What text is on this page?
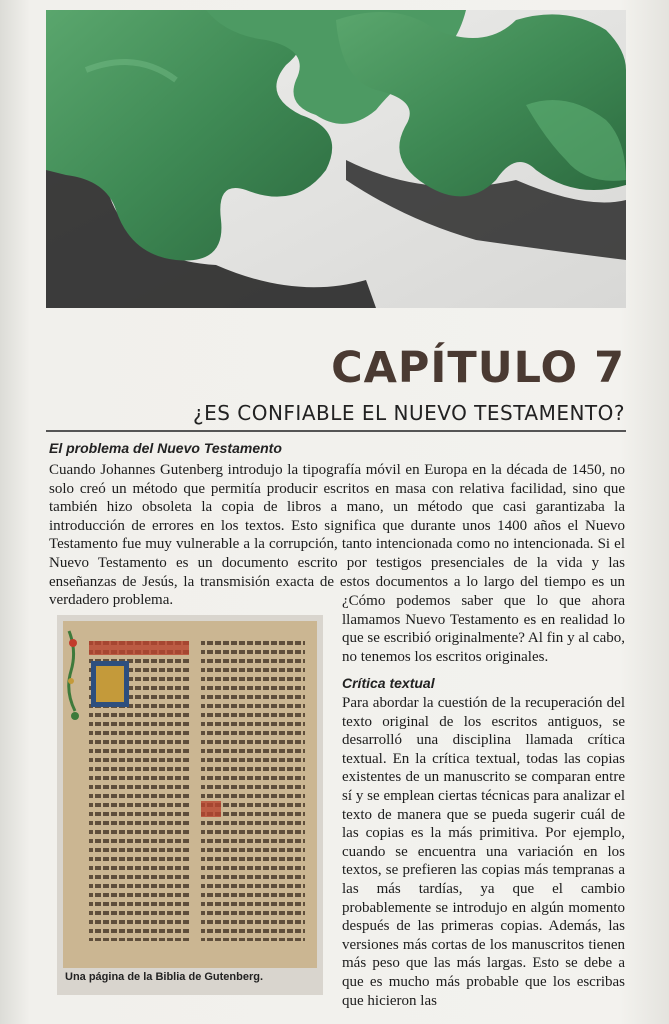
CAPÍTULO 7
¿ES CONFIABLE EL NUEVO TESTAMENTO?
El problema del Nuevo Testamento
Cuando Johannes Gutenberg introdujo la tipografía móvil en Europa en la década de 1450, no solo creó un método que permitía producir escritos en masa con relativa facilidad, sino que también hizo obsoleta la copia de libros a mano, un método que casi garantizaba la introducción de errores en los textos. Esto significa que durante unos 1400 años el Nuevo Testamento fue muy vulnerable a la corrupción, tanto intencionada como no intencionada. Si el Nuevo Testamento es un documento escrito por testigos presenciales de la vida y las enseñanzas de Jesús, la transmisión exacta de estos documentos a lo largo del tiempo es un verdadero problema.	¿Cómo podemos saber que lo que ahora llamamos Nuevo Testamento es en realidad lo que se escribió originalmente? Al fin y al cabo, no tenemos los escritos originales.
Crítica textual
Para abordar la cuestión de la recuperación del texto original de los escritos antiguos, se desarrolló una disciplina llamada crítica textual. En la crítica textual, todas las copias existentes de un manuscrito se comparan entre sí y se emplean ciertas técnicas para analizar el texto de manera que se pueda sugerir cuál de las copias es la más primitiva. Por ejemplo, cuando se encuentra una variación en los textos, se prefieren las copias más tempranas a las más tardías, ya que el cambio probablemente se introdujo en algún momento después de las primeras copias. Además, las versiones más cortas de los manuscritos tienen más peso que las más largas. Esto se debe a que es mucho más probable que los escribas que hicieron las
Una página de la Biblia de Gutenberg.
